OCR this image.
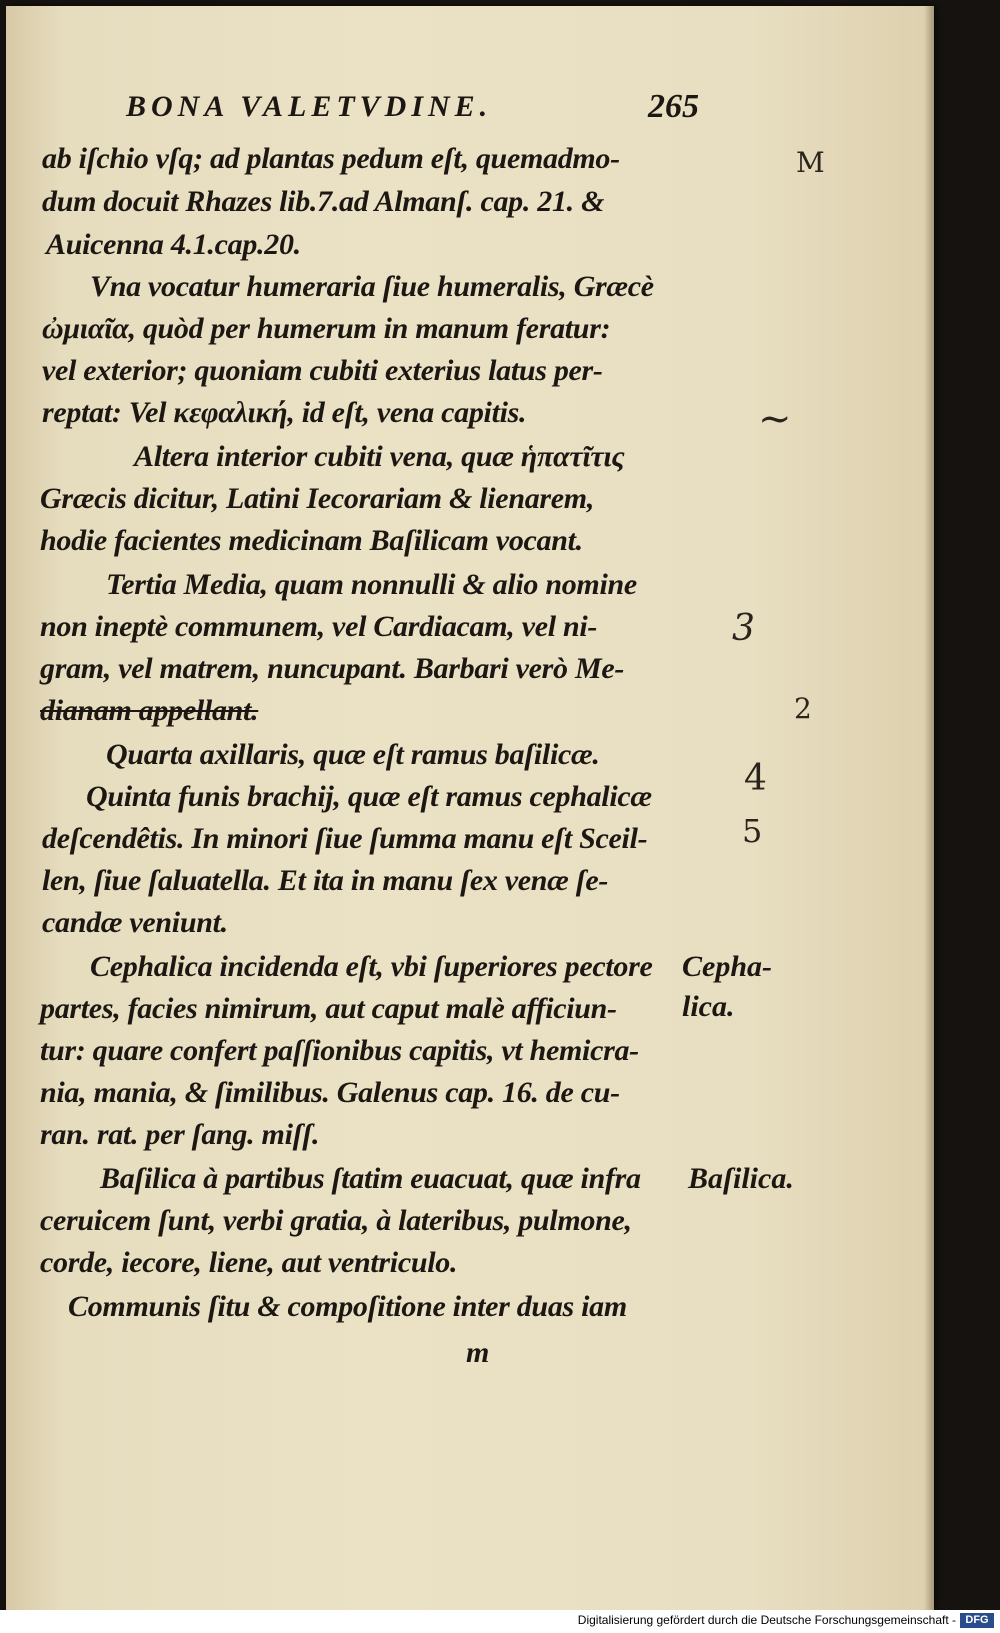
BONA VALETVDINE.	265
ab iſchio vſq; ad plantas pedum eſt, quemadmo-
dum docuit Rhazes lib.7.ad Almanſ. cap. 21. &
Auicenna 4.1.cap.20.
Vna vocatur humeraria ſiue humeralis, Græcè
ὠμιαῖα, quòd per humerum in manum feratur:
vel exterior; quoniam cubiti exterius latus per-
reptat: Vel κεφαλική, id eſt, vena capitis.
Altera interior cubiti vena, quæ ἡπατῖτις
Græcis dicitur, Latini Iecorariam & lienarem,
hodie facientes medicinam Baſilicam vocant.
Tertia Media, quam nonnulli & alio nomine
non ineptè communem, vel Cardiacam, vel ni-
gram, vel matrem, nuncupant. Barbari verò Me-
dianam appellant.
Quarta axillaris, quæ eſt ramus baſilicæ.
Quinta funis brachij, quæ eſt ramus cephalicæ
deſcendêtis. In minori ſiue ſumma manu eſt Sceil-
len, ſiue ſaluatella. Et ita in manu ſex venæ ſe-
candæ veniunt.
Cephalica incidenda eſt, vbi ſuperiores pectore
partes, facies nimirum, aut caput malè afficiun-
tur: quare confert paſſionibus capitis, vt hemicra-
nia, mania, & ſimilibus. Galenus cap. 16. de cu-
ran. rat. per ſang. miſſ.
Baſilica à partibus ſtatim euacuat, quæ infra
ceruicem ſunt, verbi gratia, à lateribus, pulmone,
corde, iecore, liene, aut ventriculo.
Communis ſitu & compoſitione inter duas iam
Cepha-
lica.
Baſilica.
M
~
3
2
4
5
m
Digitalisierung gefördert durch die Deutsche Forschungsgemeinschaft - DFG
